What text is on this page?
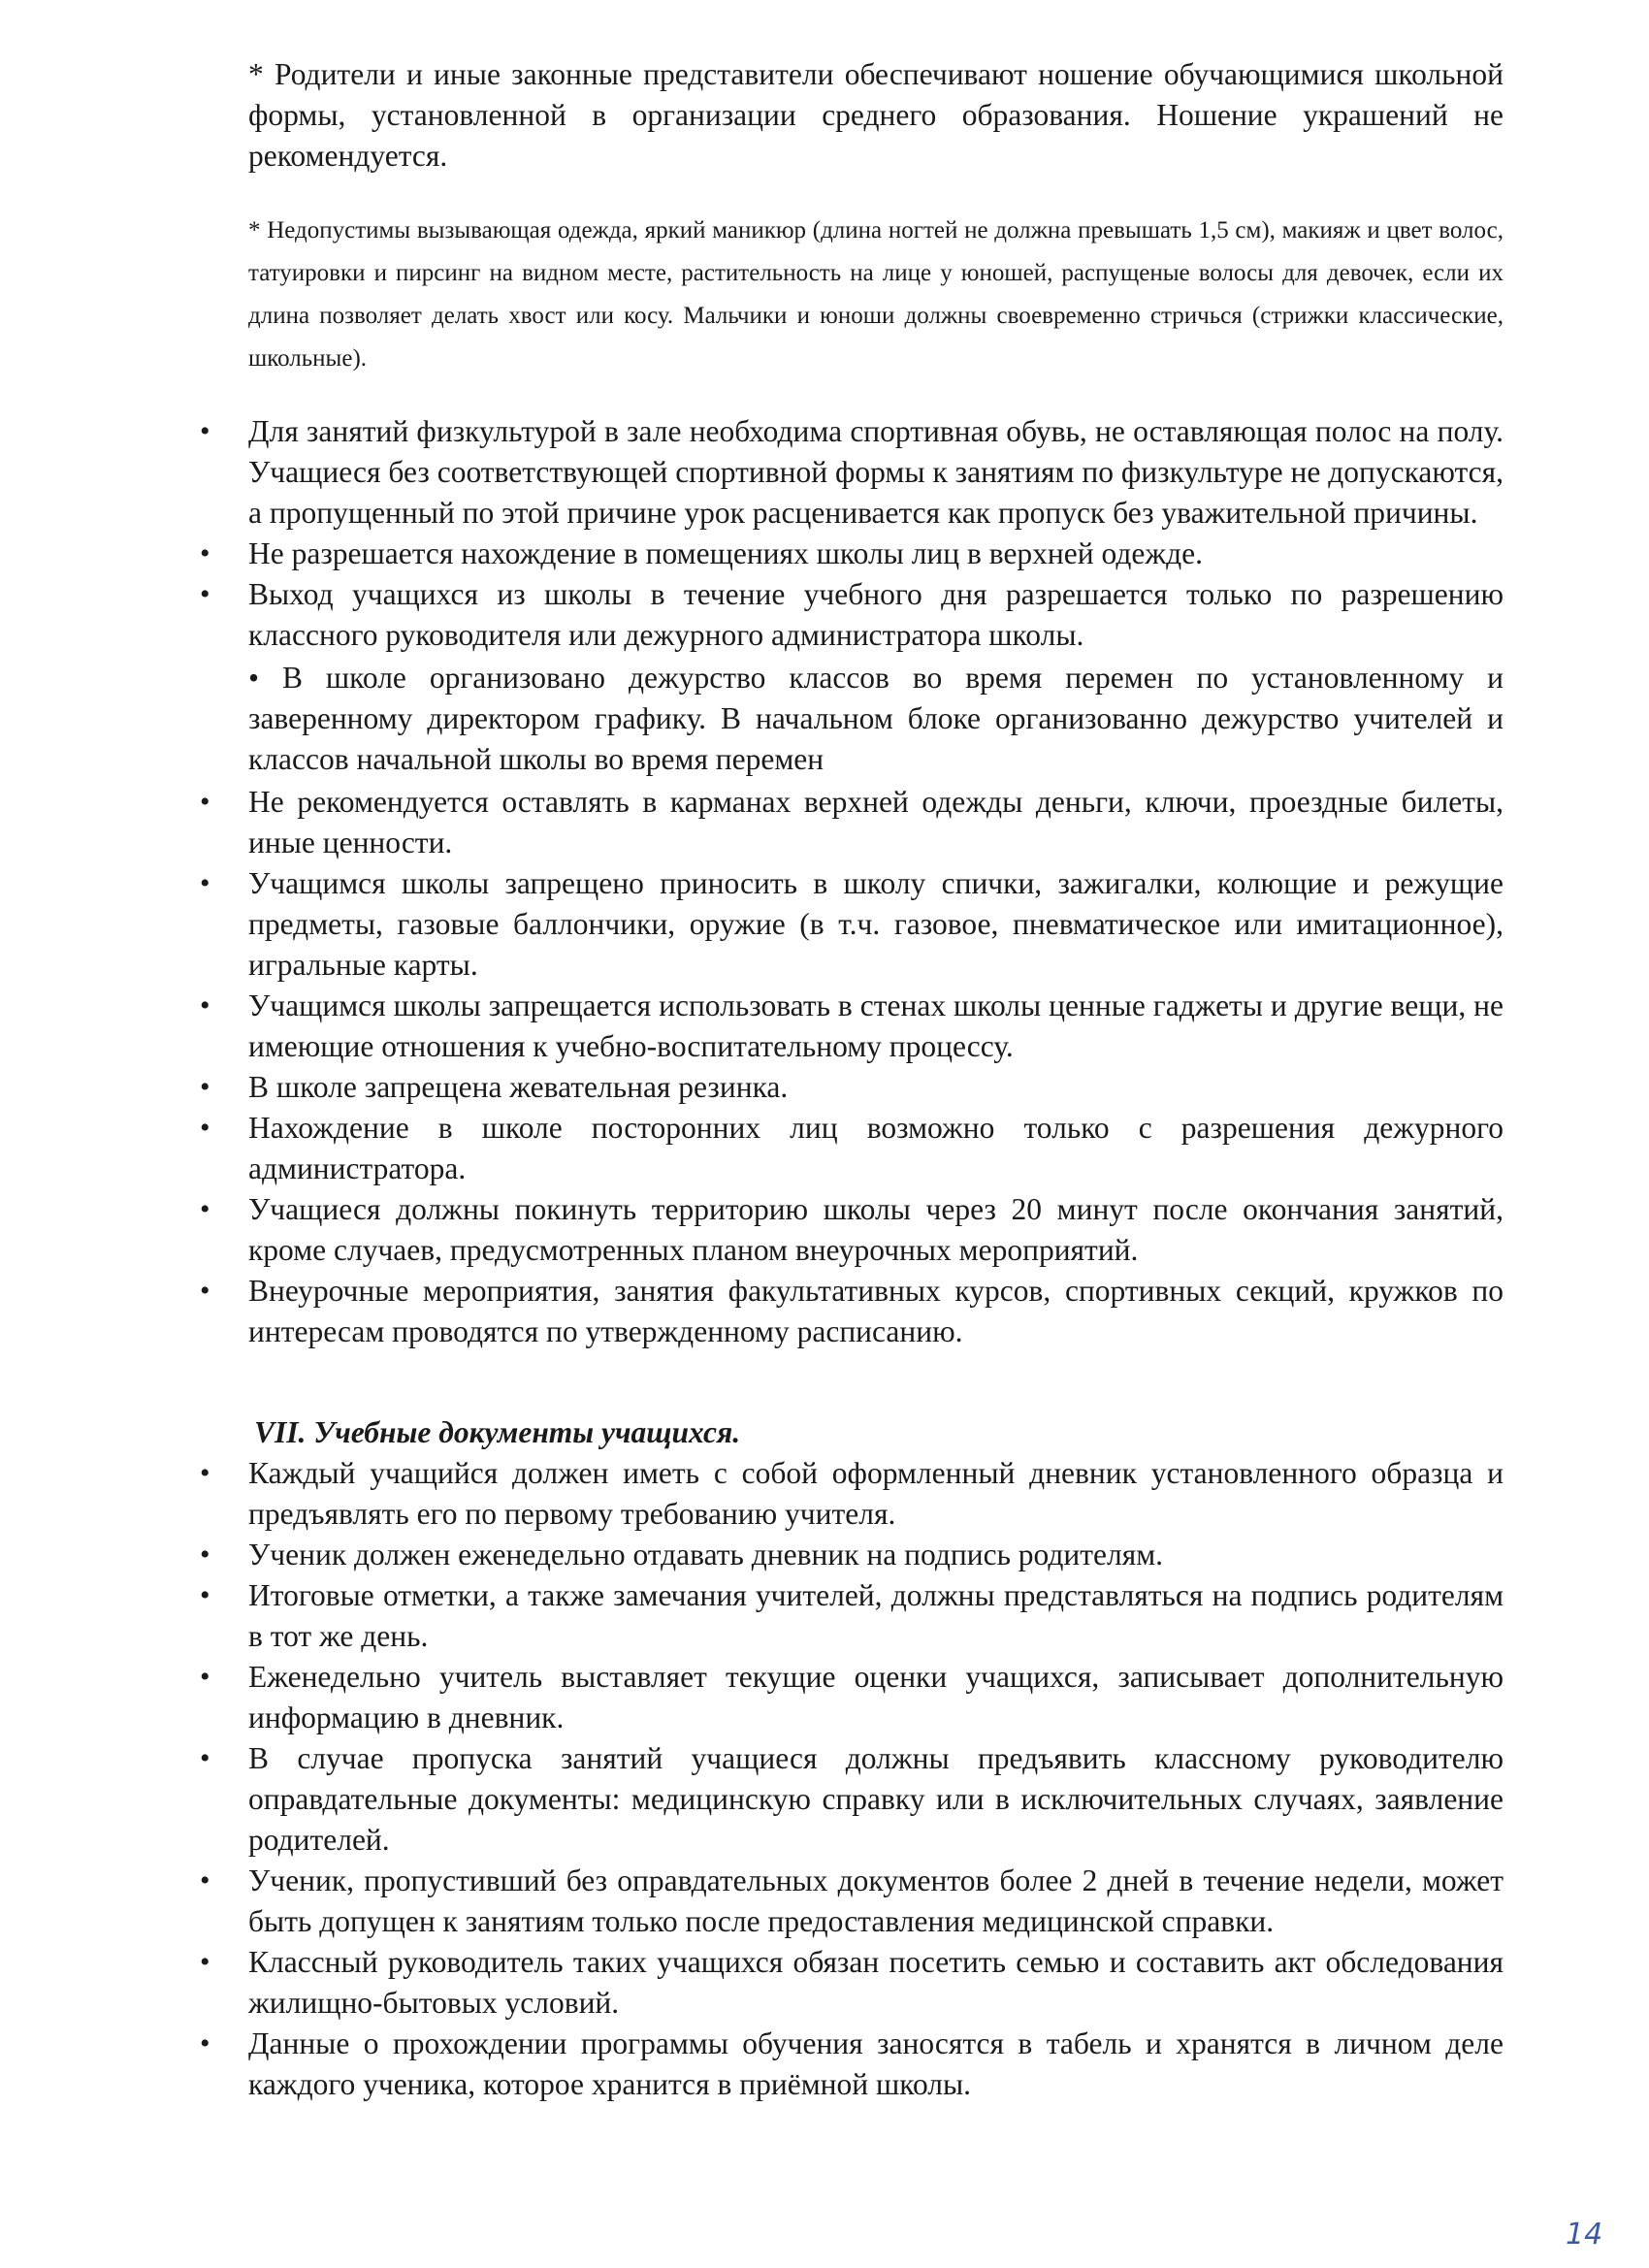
* Родители и иные законные представители обеспечивают ношение обучающимися школьной формы, установленной в организации среднего образования. Ношение украшений не рекомендуется.
* Недопустимы вызывающая одежда, яркий маникюр (длина ногтей не должна превышать 1,5 см), макияж и цвет волос, татуировки и пирсинг на видном месте, растительность на лице у юношей, распущеные волосы для девочек, если их длина позволяет делать хвост или косу. Мальчики и юноши должны своевременно стричься (стрижки классические, школьные).
• Для занятий физкультурой в зале необходима спортивная обувь, не оставляющая полос на полу. Учащиеся без соответствующей спортивной формы к занятиям по физкультуре не допускаются, а пропущенный по этой причине урок расценивается как пропуск без уважительной причины.
• Не разрешается нахождение в помещениях школы лиц в верхней одежде.
• Выход учащихся из школы в течение учебного дня разрешается только по разрешению классного руководителя или дежурного администратора школы.
• В школе организовано дежурство классов во время перемен по установленному и заверенному директором графику. В начальном блоке организованно дежурство учителей и классов начальной школы во время перемен
• Не рекомендуется оставлять в карманах верхней одежды деньги, ключи, проездные билеты, иные ценности.
• Учащимся школы запрещено приносить в школу спички, зажигалки, колющие и режущие предметы, газовые баллончики, оружие (в т.ч. газовое, пневматическое или имитационное), игральные карты.
• Учащимся школы запрещается использовать в стенах школы ценные гаджеты и другие вещи, не имеющие отношения к учебно-воспитательному процессу.
• В школе запрещена жевательная резинка.
• Нахождение в школе посторонних лиц возможно только с разрешения дежурного администратора.
• Учащиеся должны покинуть территорию школы через 20 минут после окончания занятий, кроме случаев, предусмотренных планом внеурочных мероприятий.
• Внеурочные мероприятия, занятия факультативных курсов, спортивных секций, кружков по интересам проводятся по утвержденному расписанию.
VII. Учебные документы учащихся.
• Каждый учащийся должен иметь с собой оформленный дневник установленного образца и предъявлять его по первому требованию учителя.
• Ученик должен еженедельно отдавать дневник на подпись родителям.
• Итоговые отметки, а также замечания учителей, должны представляться на подпись родителям в тот же день.
• Еженедельно учитель выставляет текущие оценки учащихся, записывает дополнительную информацию в дневник.
• В случае пропуска занятий учащиеся должны предъявить классному руководителю оправдательные документы: медицинскую справку или в исключительных случаях, заявление родителей.
• Ученик, пропустивший без оправдательных документов более 2 дней в течение недели, может быть допущен к занятиям только после предоставления медицинской справки.
• Классный руководитель таких учащихся обязан посетить семью и составить акт обследования жилищно-бытовых условий.
• Данные о прохождении программы обучения заносятся в табель и хранятся в личном деле каждого ученика, которое хранится в приёмной школы.
14
